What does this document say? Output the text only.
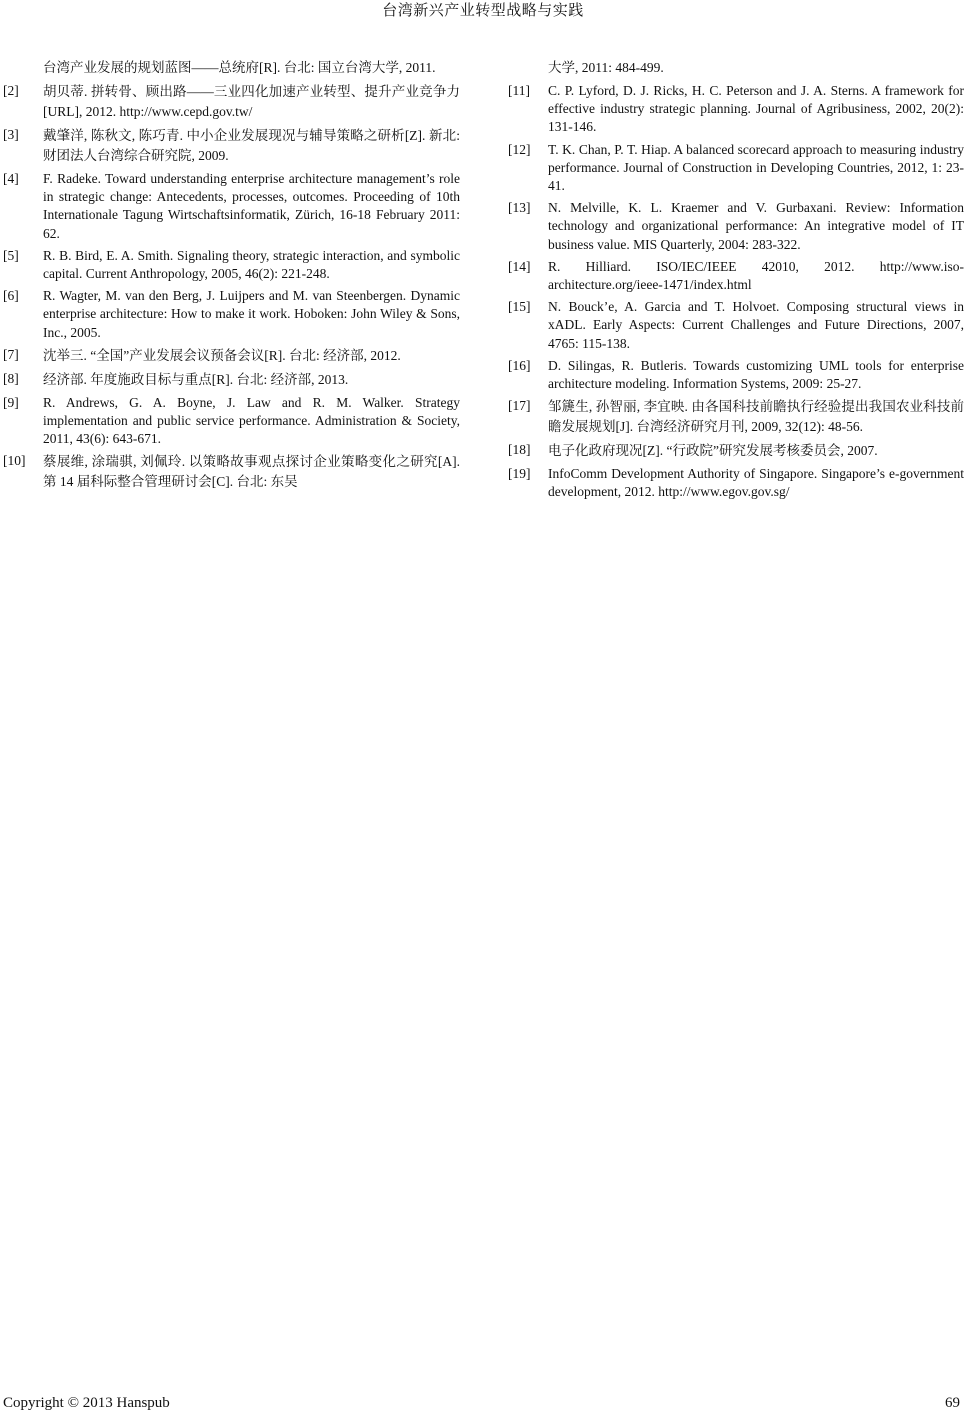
台湾新兴产业转型战略与实践
台湾产业发展的规划蓝图——总统府[R]. 台北: 国立台湾大学, 2011.
[2]	胡贝蒂. 拼转骨、顾出路——三业四化加速产业转型、提升产业竞争力[URL], 2012. http://www.cepd.gov.tw/
[3]	戴肇洋, 陈秋文, 陈巧青. 中小企业发展现况与辅导策略之研析[Z]. 新北: 财团法人台湾综合研究院, 2009.
[4]	F. Radeke. Toward understanding enterprise architecture management’s role in strategic change: Antecedents, processes, outcomes. Proceeding of 10th Internationale Tagung Wirtschaftsinformatik, Zürich, 16-18 February 2011: 62.
[5]	R. B. Bird, E. A. Smith. Signaling theory, strategic interaction, and symbolic capital. Current Anthropology, 2005, 46(2): 221-248.
[6]	R. Wagter, M. van den Berg, J. Luijpers and M. van Steenbergen. Dynamic enterprise architecture: How to make it work. Hoboken: John Wiley & Sons, Inc., 2005.
[7]	沈举三. “全国”产业发展会议预备会议[R]. 台北: 经济部, 2012.
[8]	经济部. 年度施政目标与重点[R]. 台北: 经济部, 2013.
[9]	R. Andrews, G. A. Boyne, J. Law and R. M. Walker. Strategy implementation and public service performance. Administration & Society, 2011, 43(6): 643-671.
[10]	蔡展维, 涂瑞骐, 刘佩玲. 以策略故事观点探讨企业策略变化之研究[A]. 第 14 届科际整合管理研讨会[C]. 台北: 东吴
大学, 2011: 484-499.
[11]	C. P. Lyford, D. J. Ricks, H. C. Peterson and J. A. Sterns. A framework for effective industry strategic planning. Journal of Agribusiness, 2002, 20(2): 131-146.
[12]	T. K. Chan, P. T. Hiap. A balanced scorecard approach to measuring industry performance. Journal of Construction in Developing Countries, 2012, 1: 23-41.
[13]	N. Melville, K. L. Kraemer and V. Gurbaxani. Review: Information technology and organizational performance: An integrative model of IT business value. MIS Quarterly, 2004: 283-322.
[14]	R. Hilliard. ISO/IEC/IEEE 42010, 2012. http://www.iso-architecture.org/ieee-1471/index.html
[15]	N. Bouck’e, A. Garcia and T. Holvoet. Composing structural views in xADL. Early Aspects: Current Challenges and Future Directions, 2007, 4765: 115-138.
[16]	D. Silingas, R. Butleris. Towards customizing UML tools for enterprise architecture modeling. Information Systems, 2009: 25-27.
[17]	邹篪生, 孙智丽, 李宜映. 由各国科技前瞻执行经验提出我国农业科技前瞻发展规划[J]. 台湾经济研究月刊, 2009, 32(12): 48-56.
[18]	电子化政府现况[Z]. “行政院”研究发展考核委员会, 2007.
[19]	InfoComm Development Authority of Singapore. Singapore’s e-government development, 2012. http://www.egov.gov.sg/
Copyright © 2013 Hanspub	69
